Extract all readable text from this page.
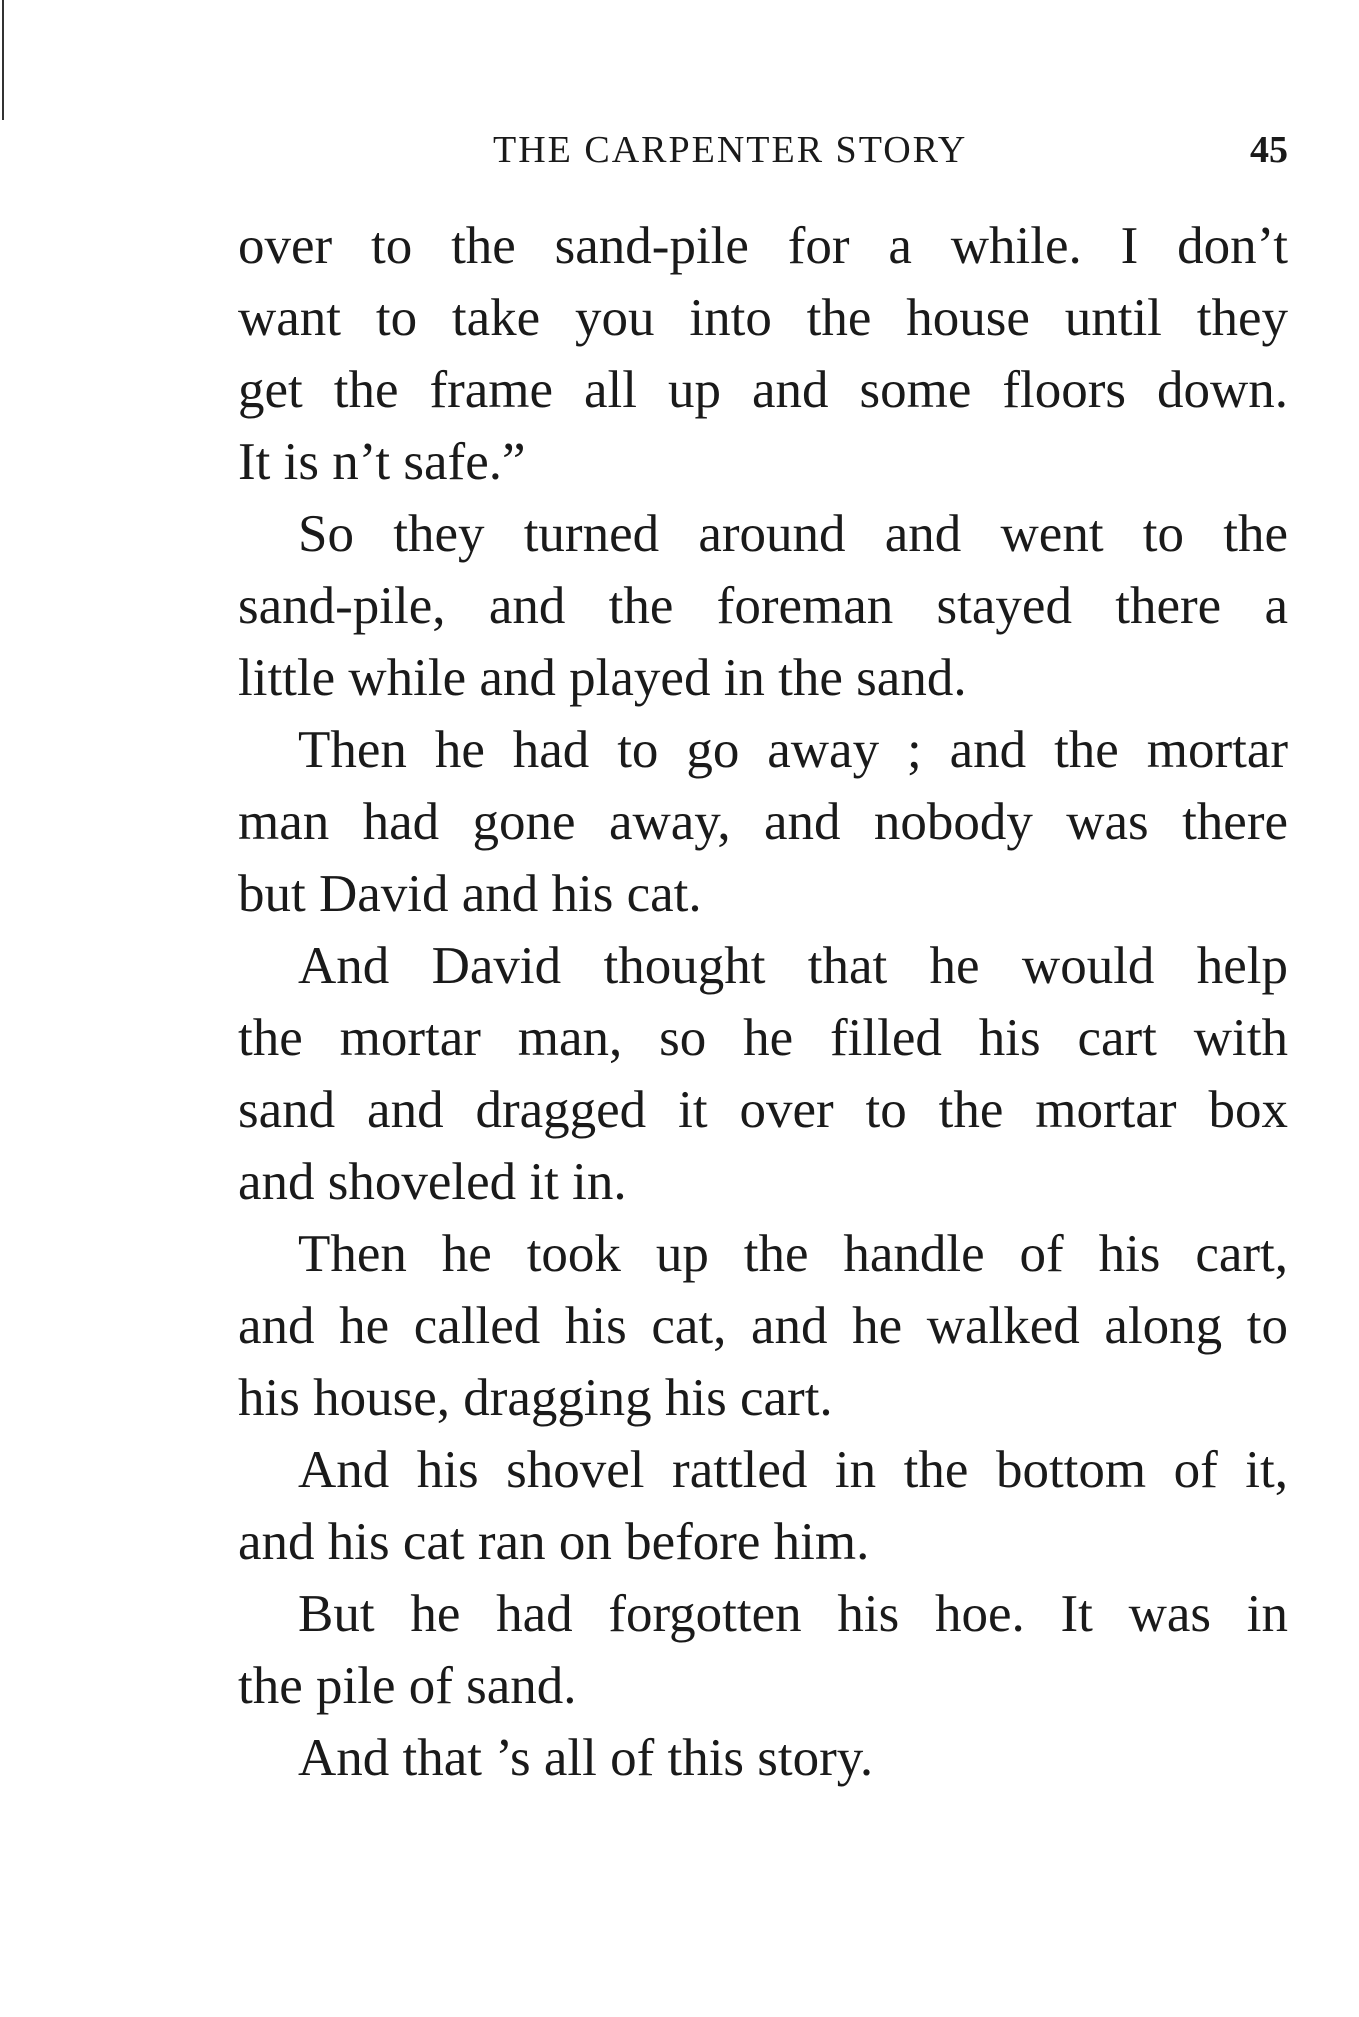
THE CARPENTER STORY	45
over to the sand-pile for a while. I don’t
want to take you into the house until they
get the frame all up and some floors down.
It is n’t safe.”
So they turned around and went to the
sand-pile, and the foreman stayed there a
little while and played in the sand.
Then he had to go away ; and the mortar
man had gone away, and nobody was there
but David and his cat.
And David thought that he would help
the mortar man, so he filled his cart with
sand and dragged it over to the mortar box
and shoveled it in.
Then he took up the handle of his cart,
and he called his cat, and he walked along to
his house, dragging his cart.
And his shovel rattled in the bottom of it,
and his cat ran on before him.
But he had forgotten his hoe. It was in
the pile of sand.
And that ’s all of this story.
